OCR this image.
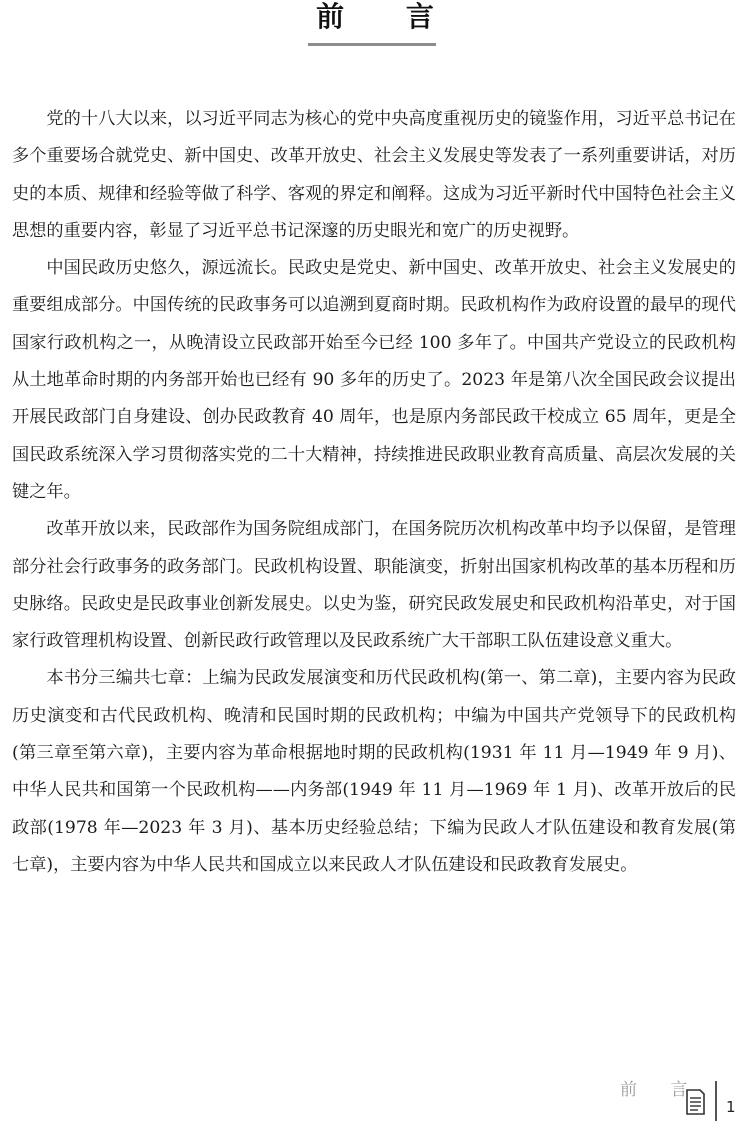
前 言

党的十八大以来，以习近平同志为核心的党中央高度重视历史的镜鉴作用，习近平总书记在多个重要场合就党史、新中国史、改革开放史、社会主义发展史等发表了一系列重要讲话，对历史的本质、规律和经验等做了科学、客观的界定和阐释。这成为习近平新时代中国特色社会主义思想的重要内容，彰显了习近平总书记深邃的历史眼光和宽广的历史视野。

中国民政历史悠久，源远流长。民政史是党史、新中国史、改革开放史、社会主义发展史的重要组成部分。中国传统的民政事务可以追溯到夏商时期。民政机构作为政府设置的最早的现代国家行政机构之一，从晚清设立民政部开始至今已经 100 多年了。中国共产党设立的民政机构从土地革命时期的内务部开始也已经有 90 多年的历史了。2023 年是第八次全国民政会议提出开展民政部门自身建设、创办民政教育 40 周年，也是原内务部民政干校成立 65 周年，更是全国民政系统深入学习贯彻落实党的二十大精神，持续推进民政职业教育高质量、高层次发展的关键之年。

改革开放以来，民政部作为国务院组成部门，在国务院历次机构改革中均予以保留，是管理部分社会行政事务的政务部门。民政机构设置、职能演变，折射出国家机构改革的基本历程和历史脉络。民政史是民政事业创新发展史。以史为鉴，研究民政发展史和民政机构沿革史，对于国家行政管理机构设置、创新民政行政管理以及民政系统广大干部职工队伍建设意义重大。

本书分三编共七章：上编为民政发展演变和历代民政机构(第一、第二章)，主要内容为民政历史演变和古代民政机构、晚清和民国时期的民政机构；中编为中国共产党领导下的民政机构(第三章至第六章)，主要内容为革命根据地时期的民政机构(1931 年 11 月—1949 年 9 月)、中华人民共和国第一个民政机构——内务部(1949 年 11 月—1969 年 1 月)、改革开放后的民政部(1978 年—2023 年 3 月)、基本历史经验总结；下编为民政人才队伍建设和教育发展(第七章)，主要内容为中华人民共和国成立以来民政人才队伍建设和民政教育发展史。

前 言
1
